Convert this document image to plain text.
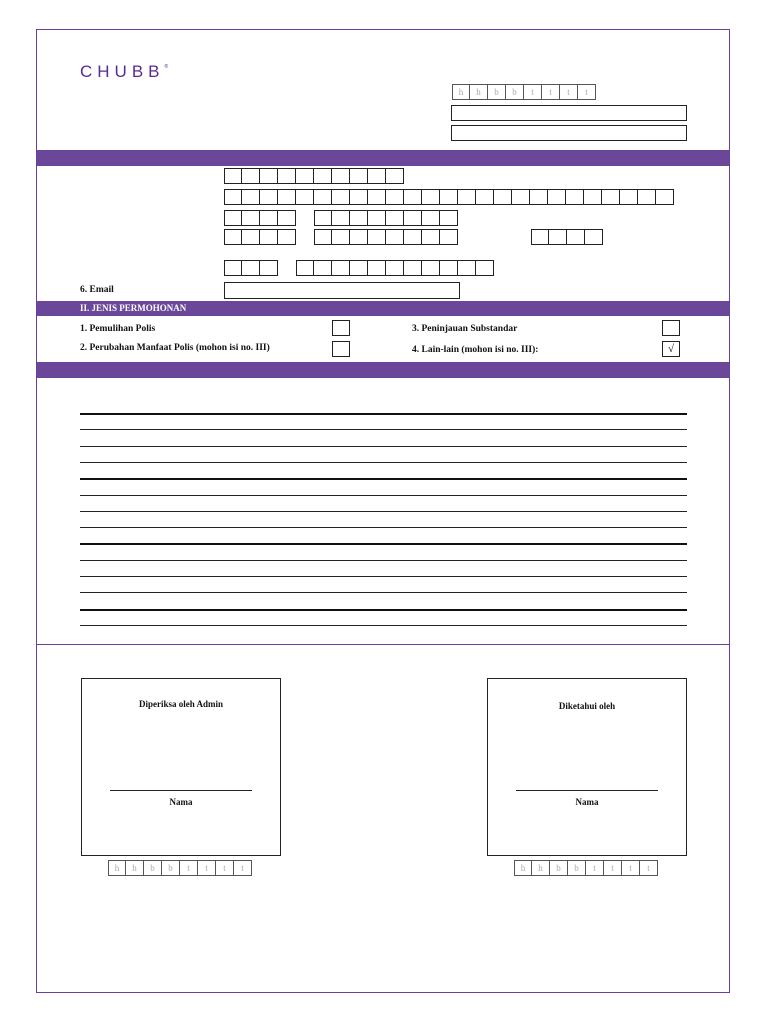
CHUBB®
h	h	b	b	t	t	t	t
6. Email
II. JENIS PERMOHONAN
1. Pemulihan Polis
2. Perubahan Manfaat Polis (mohon isi no. III)
3. Peninjauan Substandar
4. Lain-lain (mohon isi no. III):	√
Diperiksa oleh Admin
Nama
Diketahui oleh
Nama
h	h	b	b	t	t	t	t	h	h	b	b	t	t	t	t
